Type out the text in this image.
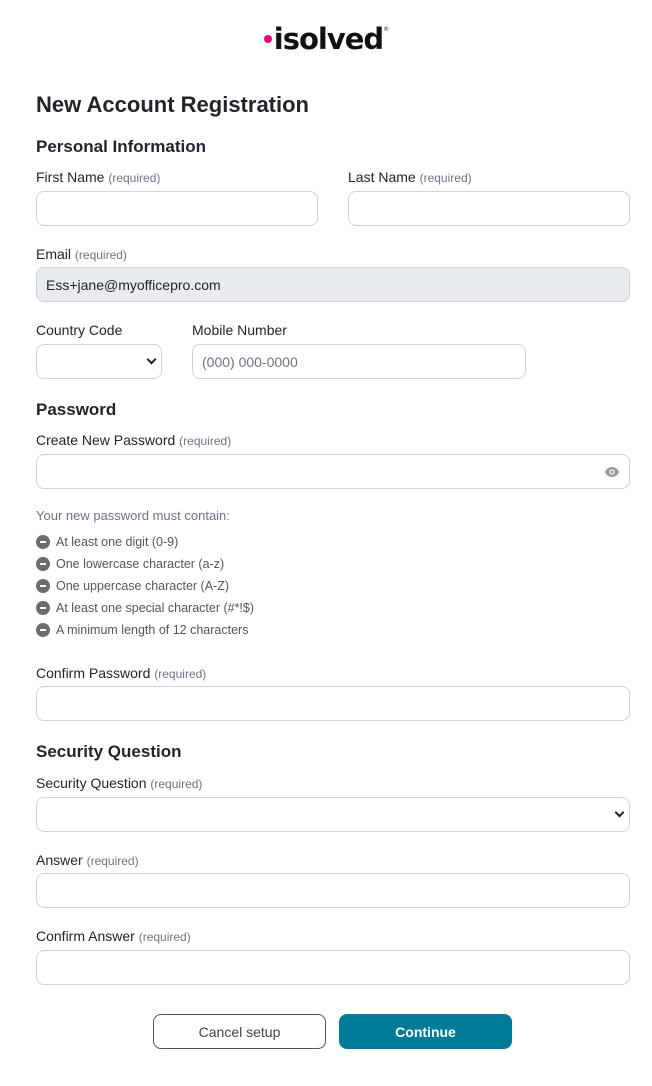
isolved®
New Account Registration
Personal Information
First Name (required)	Last Name (required)
Email (required)
Ess+jane@myofficepro.com
Country Code	Mobile Number
(000) 000-0000
Password
Create New Password (required)
Your new password must contain:
At least one digit (0-9)
One lowercase character (a-z)
One uppercase character (A-Z)
At least one special character (#*!$)
A minimum length of 12 characters
Confirm Password (required)
Security Question
Security Question (required)
Answer (required)
Confirm Answer (required)
Cancel setup	Continue
